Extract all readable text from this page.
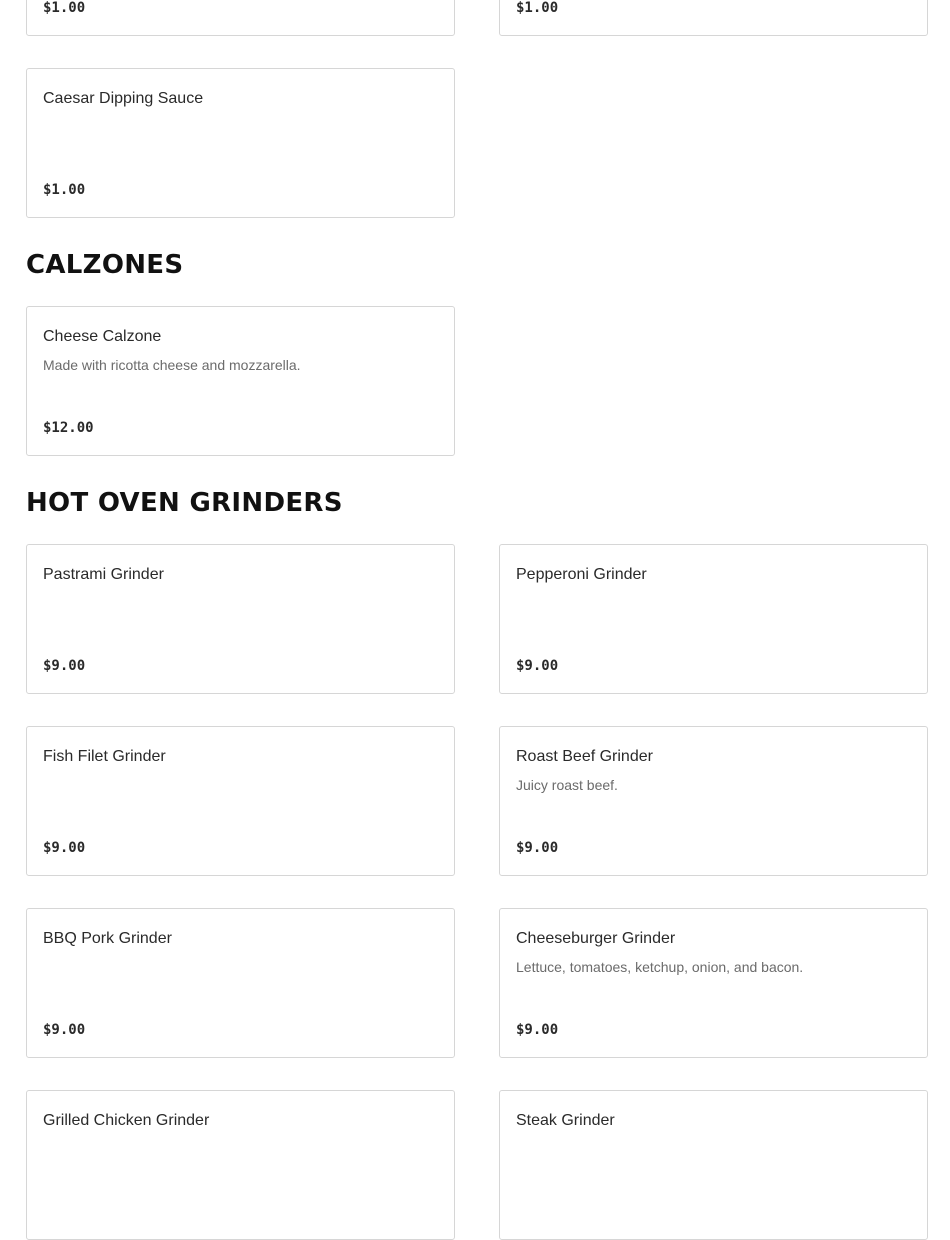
$1.00	$1.00
Caesar Dipping Sauce
$1.00
CALZONES
Cheese Calzone
Made with ricotta cheese and mozzarella.
$12.00
HOT OVEN GRINDERS
Pastrami Grinder
$9.00
Pepperoni Grinder
$9.00
Fish Filet Grinder
$9.00
Roast Beef Grinder
Juicy roast beef.
$9.00
BBQ Pork Grinder
$9.00
Cheeseburger Grinder
Lettuce, tomatoes, ketchup, onion, and bacon.
$9.00
Grilled Chicken Grinder	Steak Grinder
